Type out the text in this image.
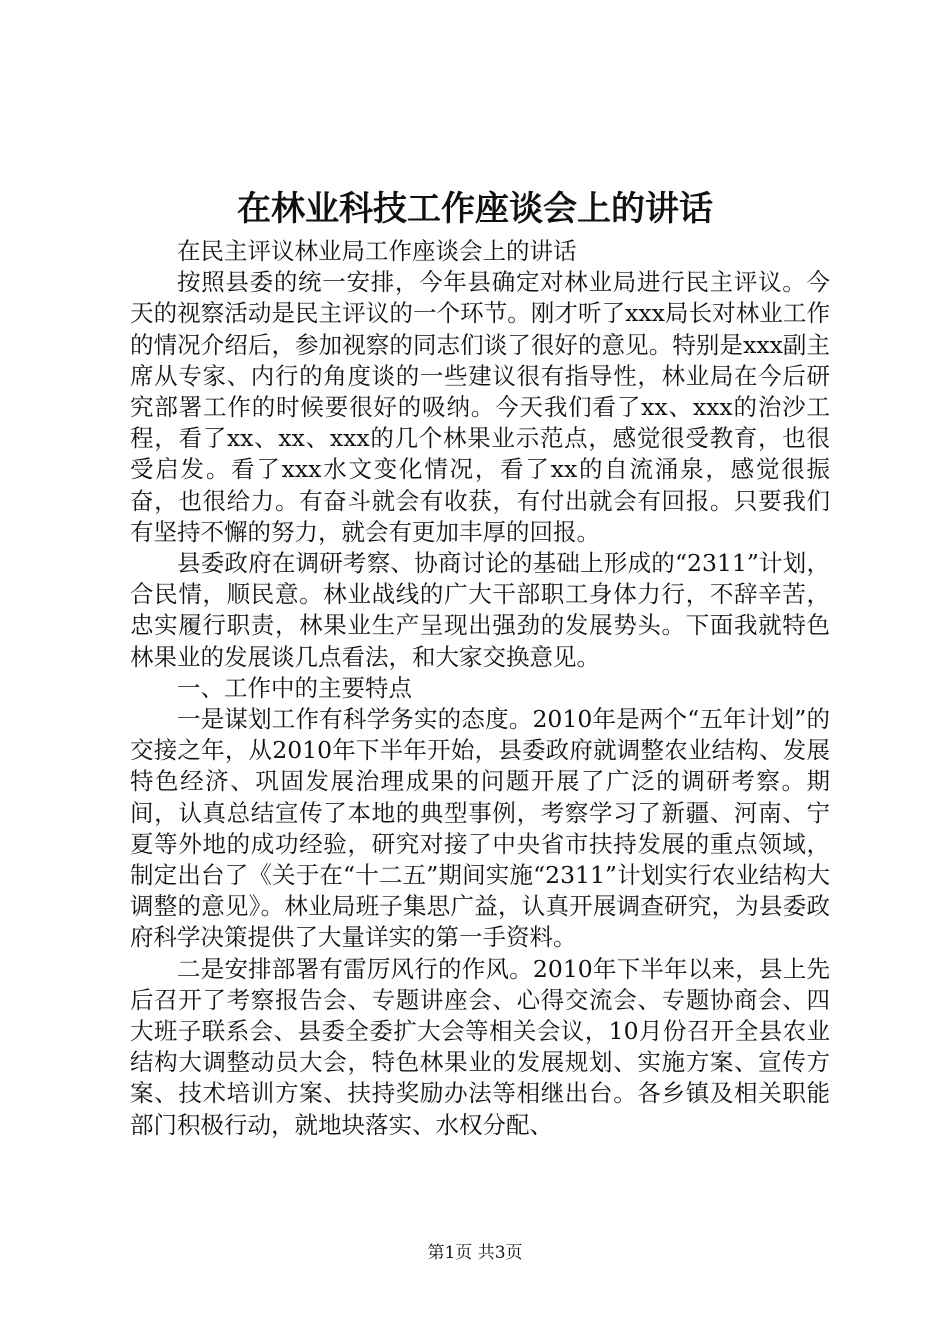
在林业科技工作座谈会上的讲话

在民主评议林业局工作座谈会上的讲话

按照县委的统一安排，今年县确定对林业局进行民主评议。今天的视察活动是民主评议的一个环节。刚才听了xxx局长对林业工作的情况介绍后，参加视察的同志们谈了很好的意见。特别是xxx副主席从专家、内行的角度谈的一些建议很有指导性，林业局在今后研究部署工作的时候要很好的吸纳。今天我们看了xx、xxx的治沙工程，看了xx、xx、xxx的几个林果业示范点，感觉很受教育，也很受启发。看了xxx水文变化情况，看了xx的自流涌泉，感觉很振奋，也很给力。有奋斗就会有收获，有付出就会有回报。只要我们有坚持不懈的努力，就会有更加丰厚的回报。

县委政府在调研考察、协商讨论的基础上形成的“2311”计划，合民情，顺民意。林业战线的广大干部职工身体力行，不辞辛苦，忠实履行职责，林果业生产呈现出强劲的发展势头。下面我就特色林果业的发展谈几点看法，和大家交换意见。

一、工作中的主要特点

一是谋划工作有科学务实的态度。2010年是两个“五年计划”的交接之年，从2010年下半年开始，县委政府就调整农业结构、发展特色经济、巩固发展治理成果的问题开展了广泛的调研考察。期间，认真总结宣传了本地的典型事例，考察学习了新疆、河南、宁夏等外地的成功经验，研究对接了中央省市扶持发展的重点领域，制定出台了《关于在“十二五”期间实施“2311”计划实行农业结构大调整的意见》。林业局班子集思广益，认真开展调查研究，为县委政府科学决策提供了大量详实的第一手资料。

二是安排部署有雷厉风行的作风。2010年下半年以来，县上先后召开了考察报告会、专题讲座会、心得交流会、专题协商会、四大班子联系会、县委全委扩大会等相关会议，10月份召开全县农业结构大调整动员大会，特色林果业的发展规划、实施方案、宣传方案、技术培训方案、扶持奖励办法等相继出台。各乡镇及相关职能部门积极行动，就地块落实、水权分配、

第1页 共3页
